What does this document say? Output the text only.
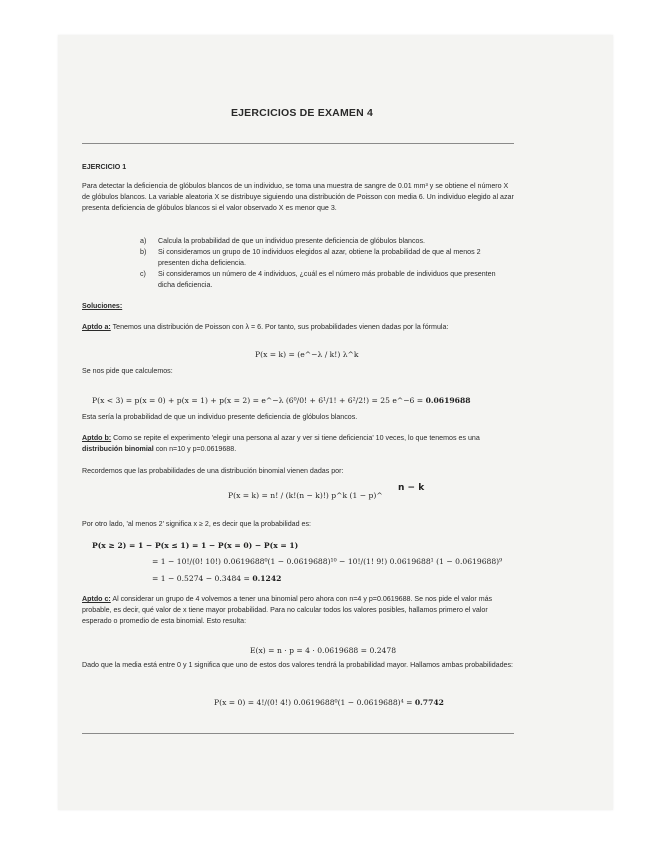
EJERCICIOS DE EXAMEN 4
EJERCICIO 1
Para detectar la deficiencia de glóbulos blancos de un individuo, se toma una muestra de sangre de 0.01 mm³ y se obtiene el número X de glóbulos blancos. La variable aleatoria X se distribuye siguiendo una distribución de Poisson con media 6. Un individuo elegido al azar presenta deficiencia de glóbulos blancos si el valor observado X es menor que 3.
a) Calcula la probabilidad de que un individuo presente deficiencia de glóbulos blancos.
b) Si consideramos un grupo de 10 individuos elegidos al azar, obtiene la probabilidad de que al menos 2 presenten dicha deficiencia.
c) Si consideramos un número de 4 individuos, ¿cuál es el número más probable de individuos que presenten dicha deficiencia.
Soluciones:
Aptdo a: Tenemos una distribución de Poisson con λ = 6. Por tanto, sus probabilidades vienen dadas por la fórmula:
P(x = k) = (e^−λ / k!) λ^k
Se nos pide que calculemos:
P(x < 3) = p(x = 0) + p(x = 1) + p(x = 2) = e^−λ (6⁰/0! + 6¹/1! + 6²/2!) = 25 e^−6 = 0.0619688
Esta sería la probabilidad de que un individuo presente deficiencia de glóbulos blancos.
Aptdo b: Como se repite el experimento 'elegir una persona al azar y ver si tiene deficiencia' 10 veces, lo que tenemos es una distribución binomial con n=10 y p=0.0619688.
Recordemos que las probabilidades de una distribución binomial vienen dadas por:
P(x = k) = n! / (k!(n − k)!) p^k (1 − p)^
n − k
Por otro lado, 'al menos 2' significa x ≥ 2, es decir que la probabilidad es:
P(x ≥ 2) = 1 − P(x ≤ 1) = 1 − P(x = 0) − P(x = 1)
= 1 − 10!/(0! 10!) 0.0619688⁰(1 − 0.0619688)¹⁰ − 10!/(1! 9!) 0.0619688¹ (1 − 0.0619688)⁹
= 1 − 0.5274 − 0.3484 = 0.1242
Aptdo c: Al considerar un grupo de 4 volvemos a tener una binomial pero ahora con n=4 y p=0.0619688. Se nos pide el valor más probable, es decir, qué valor de x tiene mayor probabilidad. Para no calcular todos los valores posibles, hallamos primero el valor esperado o promedio de esta binomial. Esto resulta:
E(x) = n · p = 4 · 0.0619688 = 0.2478
Dado que la media está entre 0 y 1 significa que uno de estos dos valores tendrá la probabilidad mayor. Hallamos ambas probabilidades:
P(x = 0) = 4!/(0! 4!) 0.0619688⁰(1 − 0.0619688)⁴ = 0.7742
